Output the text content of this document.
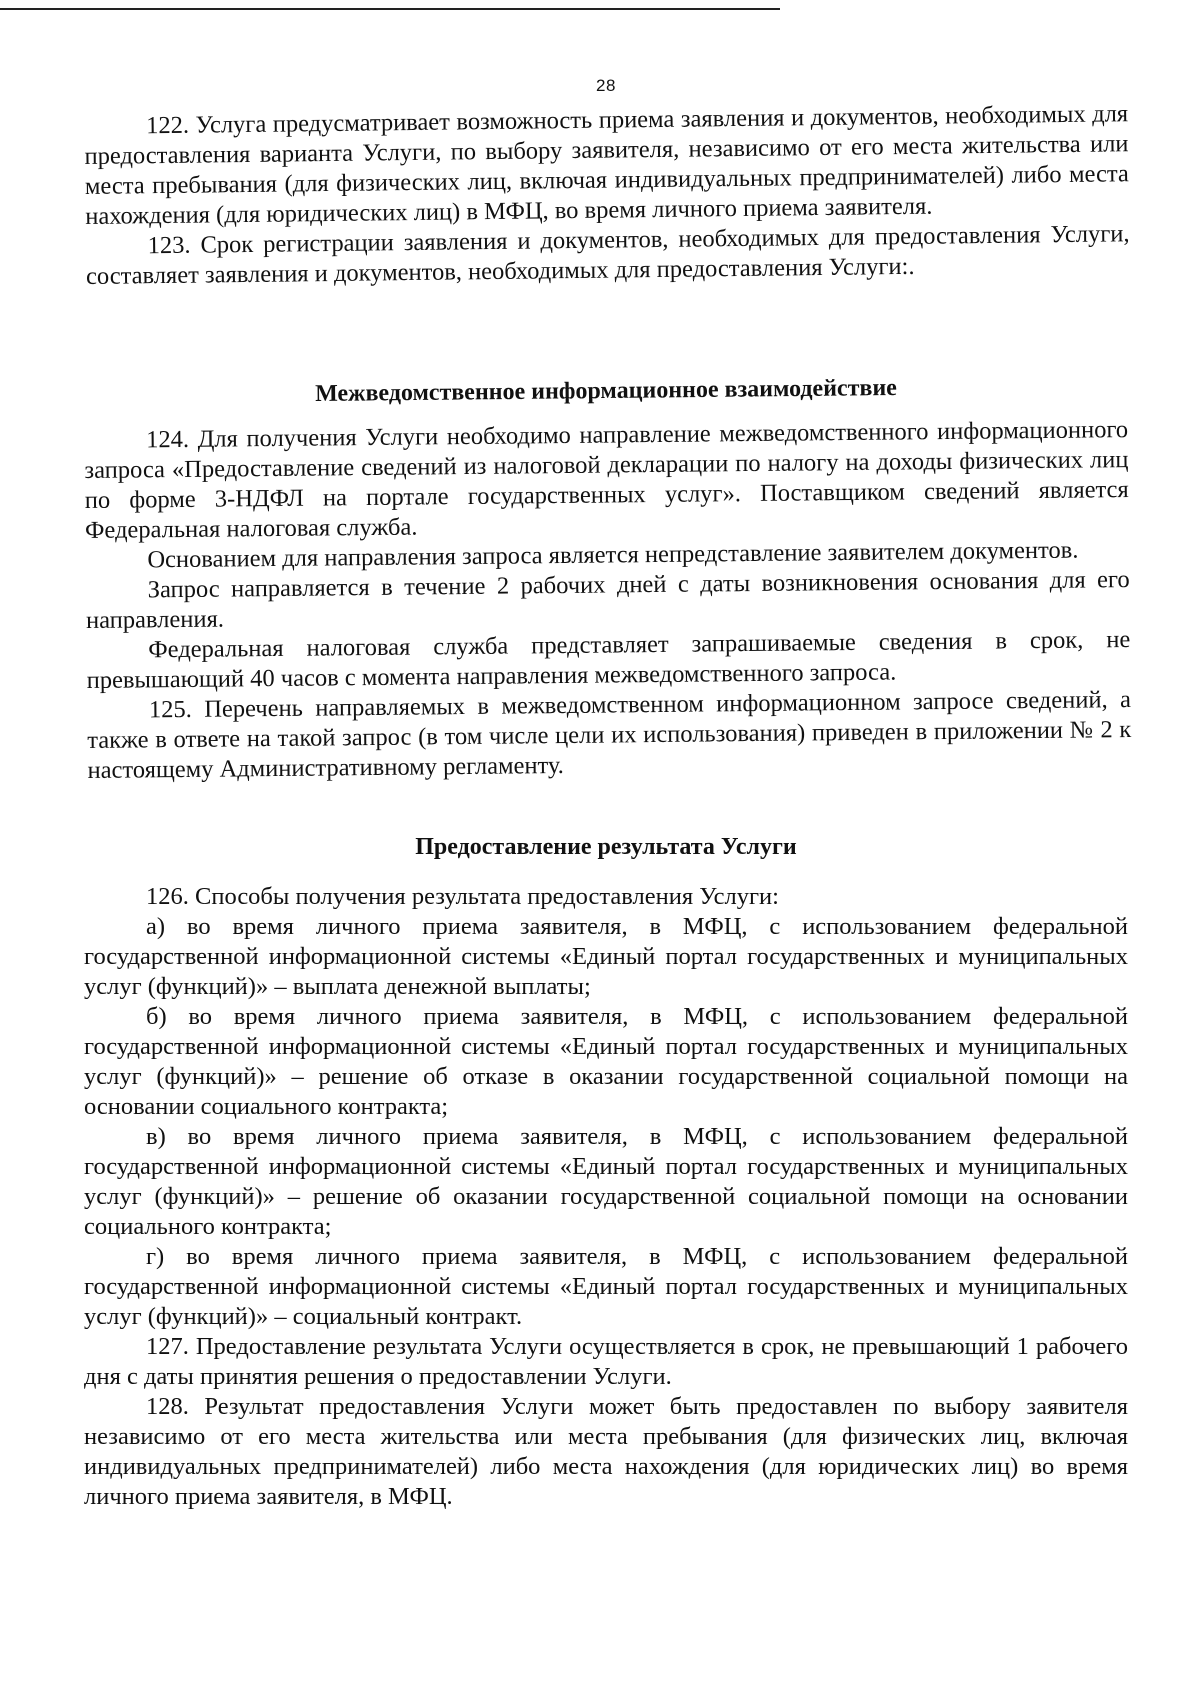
28

122. Услуга предусматривает возможность приема заявления и документов, необходимых для предоставления варианта Услуги, по выбору заявителя, независимо от его места жительства или места пребывания (для физических лиц, включая индивидуальных предпринимателей) либо места нахождения (для юридических лиц) в МФЦ, во время личного приема заявителя.

123. Срок регистрации заявления и документов, необходимых для предоставления Услуги, составляет заявления и документов, необходимых для предоставления Услуги:.

Межведомственное информационное взаимодействие

124. Для получения Услуги необходимо направление межведомственного информационного запроса «Предоставление сведений из налоговой декларации по налогу на доходы физических лиц по форме 3-НДФЛ на портале государственных услуг». Поставщиком сведений является Федеральная налоговая служба.

Основанием для направления запроса является непредставление заявителем документов.

Запрос направляется в течение 2 рабочих дней с даты возникновения основания для его направления.

Федеральная налоговая служба представляет запрашиваемые сведения в срок, не превышающий 40 часов с момента направления межведомственного запроса.

125. Перечень направляемых в межведомственном информационном запросе сведений, а также в ответе на такой запрос (в том числе цели их использования) приведен в приложении № 2 к настоящему Административному регламенту.

Предоставление результата Услуги

126. Способы получения результата предоставления Услуги:

а) во время личного приема заявителя, в МФЦ, с использованием федеральной государственной информационной системы «Единый портал государственных и муниципальных услуг (функций)» – выплата денежной выплаты;

б) во время личного приема заявителя, в МФЦ, с использованием федеральной государственной информационной системы «Единый портал государственных и муниципальных услуг (функций)» – решение об отказе в оказании государственной социальной помощи на основании социального контракта;

в) во время личного приема заявителя, в МФЦ, с использованием федеральной государственной информационной системы «Единый портал государственных и муниципальных услуг (функций)» – решение об оказании государственной социальной помощи на основании социального контракта;

г) во время личного приема заявителя, в МФЦ, с использованием федеральной государственной информационной системы «Единый портал государственных и муниципальных услуг (функций)» – социальный контракт.

127. Предоставление результата Услуги осуществляется в срок, не превышающий 1 рабочего дня с даты принятия решения о предоставлении Услуги.

128. Результат предоставления Услуги может быть предоставлен по выбору заявителя независимо от его места жительства или места пребывания (для физических лиц, включая индивидуальных предпринимателей) либо места нахождения (для юридических лиц) во время личного приема заявителя, в МФЦ.
